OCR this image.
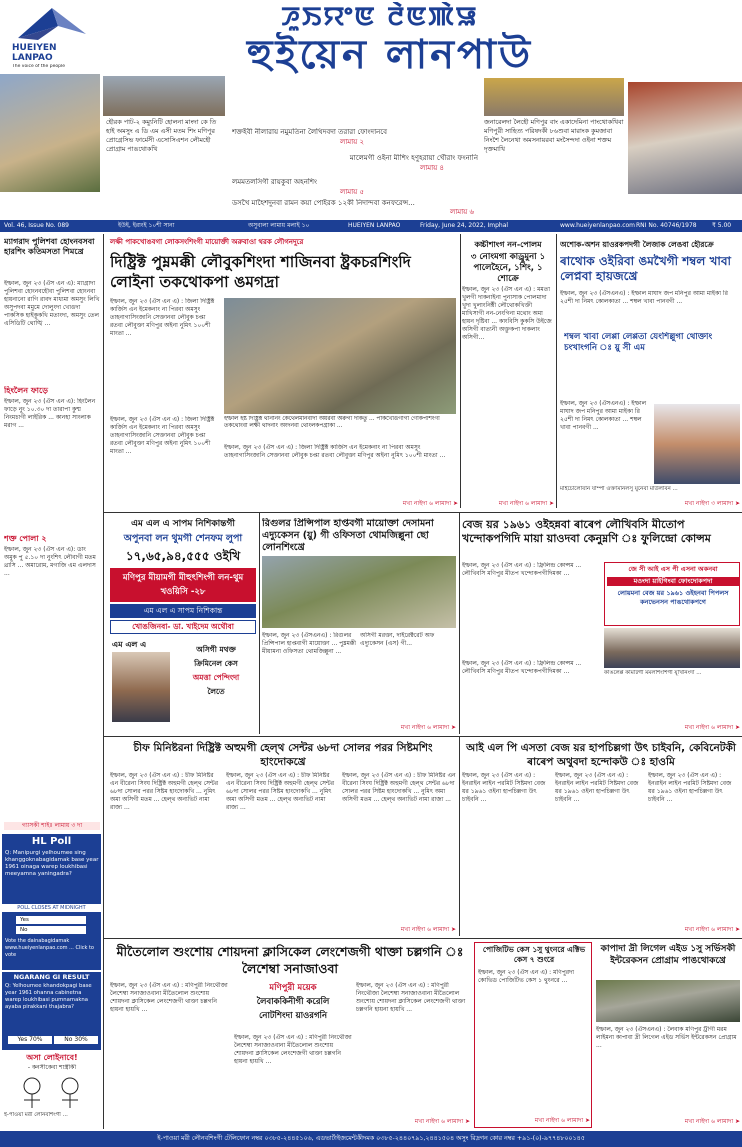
HUEIYEN LANPAO
The voice of the people
ꯍꯨꯏꯌꯦꯟ ꯂꯥꯟꯄꯥꯎ
হুইয়েন লানপাউ
হৌরক পাট-২ কম্যুনিটি হোলনা মাংদা কে তি হাই অমসুং এ ডি এম এসী মতম শিং মণিপুর প্রোগ্রেসিভ ফার্মেসী এসোসিএশন লৌমহৌ প্রোগ্রাম পাঙথোকখি
শক্তইবী নীলারায় নমুমতিনা লৈখিদবদা তরারা ফোংদানবে
লামায় ২
মালেমগী ওইনা মীশিং হণুহরায়া খৌরাং ফংনানি
লামায় ৪
লমমতলসিগী রায়কুবা অহনশিং
লামায় ৫
জনারেলদা লৈহৌ মণিপুর বাং একাদেমিনা পাংথোকখিবা মণিপুরী সাহিত্য পরিষদকী ৮৬শুবা মারাংক কুমজাবা নিংশৈ লৈনেথা অমসনায়রবা মংসৈন্দদা ওইনা শক্তম দৃক্তমাখি
ডসখৈ মাহৈশদুনবা রামন কয়া পোইরক ১২কী নিদান্দবা কনফরেন্স...
লামায় ৬
Vol. 46, Issue No. 089	ইউই, ইরাংই ১০শী সানা	অসুবালা লামায় মলাই ১০	HUEIYEN LANPAO	Friday, June 24, 2022, Imphal	www.hueiyenlanpao.com RNI No. 40746/1978	₹ 5.00
ম্যাগরাদ পুলিশবা হোংনবসবা হারশিং কতিমসতা শিমখ্রে
ইম্ফাল, জুন ২৩ (ঐস এন এ): ম্যাগ্রাদা পুলিশবা হোংনবহৌবা পুলিশবা হোংনবা হায়নানো রাগি রাবদ মাধ্যমা অমসুং লিখি অসুপদবা মমুমে দোলুংদা খোঙদা পাকসিক হাইকুকখি মতাংদা, অমসুং তেল এসিডিটি থোঙ্খি ...
হিংলৈন ফাড়ে
ইম্ফাল, জুন ২৩ (ঐস এন এ): হিংলৈন ফাড়ে নুং ১০.৩০ দা তারাপা কুশ্ম নিংমচাগী লাইরিক ... কানহা সাংলাক মরাগ ...
শক্ত পোলা ২
ইম্ফাল, জুন ২৩ (ঐস এন এ): ডাং অমুক পু ৫.১০ দা নুংশিৎ লৌবাগী মতম থ্রাসি ... অমারোম, মগাজি এম এলদাস ...
গ্যাসকী শাইঃ লামায় ৩ দা
HL Poll
Q: Manipurgi yelhoumee sing khanggoknabagidamak base year 1961 oinaga warep loukhibasi meeyamna yaningadra?
POLL CLOSES AT MIDNIGHT
Yes
No
Vote the dainabagidamak www.hueiyenlanpao.com ... Click to vote
NGARANG GI RESULT
Q: Yelhoumee khandokpagi base year 1961 ohanna cabinetna warep loukhibasi pumnamakna ayaba pirakkani thajabra?
Yes 70%	No 30%
অসা লোইনাবে!
- কনসীকেবা শাস্ত্রীকী
ই-পাওয়া মরী লৌনবশিংগী ...
লক্ষী পাকখোঙবগা লোকসংশিংগী মায়োক্তী অরুবাওা থরক লৌগনদুরে
দিষ্ট্রিক্ট পুম্নমক্কী লৌবুকশিংদা শাজিনবা ষ্ট্রকচরশিংদি লোইনা তকথোকপা ঙমগদ্রা
ইম্ফাল, জুন ২৩ (ঐস এন এ) : জিলা দিষ্ট্রিক্ট কার্জিস এন ইমেকনাং না পিরবা অমসুং তাহনাগাসিংজানি সেক্তানবা লৌবুক চপ্তা রতবা লৌবুক্তা মণিপুর অইনা নুমিৎ ১০০শী মাংতা ...
ইম্ফাল ইষ্ট দিষ্ট্রিক্ট থানানং কৈথেলমানবীদা অয়রবা অরুগী দাকতু ... পাকখোঙগাগা গোকপশিংগী তকথোংবা লক্ষী থাদনাং অংদনবা থোংলকপগ্রাকা ...
ইম্ফাল, জুন ২৩ (ঐস এন এ) : জিলা দিষ্ট্রিক্ট কার্জিস এন ইমেকনাং না পিরবা অমসুং তাহনাগাসিংজানি সেক্তানবা লৌবুক চপ্তা রতবা লৌবুক্তা মণিপুর অইনা নুমিৎ ১০০শী মাংতা ...
ইম্ফাল, জুন ২৩ (ঐস এন এ) : জিলা দিষ্ট্রিক্ট কার্জিস এন ইমেকনাং না পিরবা অমসুং তাহনাগাসিংজানি সেক্তানবা লৌবুক চপ্তা রতবা লৌবুক্তা মণিপুর অইনা নুমিৎ ১০০শী মাংতা ...
মখা নাইদা ৬ লামাদা ➤
কচ্চীশাংগ নন-পোলম
৩ নোংমগা কাড্রুমুনা ১ পালেহৈনে, ১শিং, ১ শোক্রে
ইম্ফাল, জুন ২৩ (ঐস এন এ) : মমতা খুলগী দাকনাইনা পুনাসাক পোলমাদা খুদা খুলাংনিক্টী লৌথোকখিক্তী মাখিসাগী নন-নেংগিনা মথোং অমা হায়ন দৃষ্টিবা ... কাংবিসি কুকসি উইজে অসিগী বাত্যনী অক্তুকপা দাকলাং অসিগী...
মখা নাইদা ৬ লামাদা ➤
অশোক-অশন য়াওরকপদগী লৈজাক লেঙবা হৌরক্রে
ৰাথোক ওইরিবা ঙমখৈগী শম্বল খাবা লেপ্নবা হায়জখ্রে
ইম্ফাল, জুন ২৩ (ঐসএনএ) : ইম্ফাল মাঘাদ জপ মনিপুর আমা মাইকা রি ২৫শী দা নিমৎ কোলকাতা ... শম্বল খাবা পানবগী ...
শম্বল খাবা লেপ্পা লেপ্পতা যেংশিল্লুগা থোক্তাং চংখাংগনি ঃ য়ু সী এম
ইম্ফাল, জুন ২৩ (ঐসএনএ) : ইম্ফাল মাঘাদ জপ মনিপুর আমা মাইকা রি ২৫শী দা নিমৎ কোলকাতা ... শম্বল খাবা পানবগী ...
মাইচোলোবান যাম্পা ওক্তমিনিলসু য়ুনেবা মাউলবিন ...
মখা নাইদা ৩ লামাদা ➤
এম এল এ সাপম নিশিকান্তগী
অপুনবা লন থুমগী শেনফম লুপা
১৭,৬৫,৯৪,৫৫৫ ওইখি
মণিপুর মীয়ামগী মীহুৎশিংগী লন-থুম খওয়িসি -২৮
এম এল এ সাপম নিশিকান্ত
খোঙজিনবা- ডা. খাইদেম অথৌবা
এম এল এ
অসিগী মথক্ত
ক্রিমিনেল কেস
অমত্তা পেন্দিংদা
লৈতে
রিগুলর প্রিন্সিপাল হাপ্তবগী মায়োক্তা দেসামনা এদ্যুকেসন (য়ু) গী ওফিসতা থোমজিল্লুনা ছো লোনশিংখ্রে
ইম্ফাল, জুন ২৩ (ঐসএনএ) : রিগুলর প্রিন্সিপাল হাপ্তবাগী মায়োক্তা ... পুম্নমক্কী মীয়ামনা ওফিসতা থোমজিল্লুনা ...
অসিগী মরক্তা, দাইরেক্টরেট অফ এদ্যুকেসন (এস) গী...
মখা নাইদা ৬ লামাদা ➤
বেজ য়র ১৯৬১ ওইহন্নবা ৰাৰেপ লৌখিবসি মীতোপ খন্দোকপগিদি মায়া য়াওদবা কেনুম্নণি ঃ ফুলিন্দ্রো কোন্সম
ইম্ফাল, জুন ২৩ (ঐস এন এ) : ফ্রিলিন্দ্র কোন্সম ... লৌখিবসি মণিপুর মীতপ খন্দোকপগীদিমকা ...
জে সী আই এস পী এসনা অকনবা
মওংদা য়াইগিংবা ফোংদোকপদা
লোয়মনা বেজ য়র ১৯৬১ ওইহনবা পিপলস কনভেনসন পাঙথোকপগে
কাঙলেপ্প কমিটিগী মমলশিংশিগী য়ূখিনিংদা ...
ইম্ফাল, জুন ২৩ (ঐস এন এ) : ফ্রিলিন্দ্র কোন্সম ... লৌখিবসি মণিপুর মীতপ খন্দোকপগীদিমকা ...
মখা নাইদা ৬ লামাদা ➤
চীফ মিনিষ্টরনা দিষ্ট্রিক্ট অহুমগী হেল্থ সেন্টর ৬৮দা সোলর পরর সিষ্টমশিং হাংদোকখ্রে
ইম্ফাল, জুন ২৩ (ঐস এন এ) : চীফ মিনিষ্টর এন বীরেনা সিংঘ দিষ্ট্রিক্ট অহুমগী হেল্থ সেন্টর ৬৮দা সোলর পরর সিষ্টম হাংদোকখি ... নুমিৎ অমা অসিগী মতম ... হেল্থ অন্যভিট নামা রাজ্য ...
ইম্ফাল, জুন ২৩ (ঐস এন এ) : চীফ মিনিষ্টর এন বীরেনা সিংঘ দিষ্ট্রিক্ট অহুমগী হেল্থ সেন্টর ৬৮দা সোলর পরর সিষ্টম হাংদোকখি ... নুমিৎ অমা অসিগী মতম ... হেল্থ অন্যভিট নামা রাজ্য ...
ইম্ফাল, জুন ২৩ (ঐস এন এ) : চীফ মিনিষ্টর এন বীরেনা সিংঘ দিষ্ট্রিক্ট অহুমগী হেল্থ সেন্টর ৬৮দা সোলর পরর সিষ্টম হাংদোকখি ... নুমিৎ অমা অসিগী মতম ... হেল্থ অন্যভিট নামা রাজ্য ...
মখা নাইদা ৬ লামাদা ➤
আই এল পি এসতা বেজ য়র হাপচিল্লগা উৎ চাইবনি, কেবিনেটকী ৰাৰেপ অথুবদা হন্দোকউ ঃ হাওমি
ইম্ফাল, জুন ২৩ (ঐস এন এ) : ইনরাইন লাইন পরমিট সিষ্টমদা বেজ য়র ১৯৬১ ওইনা হাপচিল্লগা উৎ চাইবনি ...
ইম্ফাল, জুন ২৩ (ঐস এন এ) : ইনরাইন লাইন পরমিট সিষ্টমদা বেজ য়র ১৯৬১ ওইনা হাপচিল্লগা উৎ চাইবনি ...
ইম্ফাল, জুন ২৩ (ঐস এন এ) : ইনরাইন লাইন পরমিট সিষ্টমদা বেজ য়র ১৯৬১ ওইনা হাপচিল্লগা উৎ চাইবনি ...
মখা নাইদা ৬ লামাদা ➤
মীতৈলোল শুংশোয় শোয়দনা ক্লাসিকেল লেংশেজগী থাক্তা চল্লগনি ঃ লৈশেম্বা সনাজাওবা
ইম্ফাল, জুন ২৩ (ঐস এন এ) : মণিপুরী নিংথৌজা লৈশেম্বা সনাজাওবানা মীতৈলোল শুংশোয় শোয়দনা ক্লাসিকেল লেংশেজগী থাক্তা চল্লগনি হায়না হায়খি ...
মণিপুরী ময়েক
লৈবাককিনীগী করেলি
নোটশিংদা য়াওরগনি
ইম্ফাল, জুন ২৩ (ঐস এন এ) : মণিপুরী নিংথৌজা লৈশেম্বা সনাজাওবানা মীতৈলোল শুংশোয় শোয়দনা ক্লাসিকেল লেংশেজগী থাক্তা চল্লগনি হায়না হায়খি ...
ইম্ফাল, জুন ২৩ (ঐস এন এ) : মণিপুরী নিংথৌজা লৈশেম্বা সনাজাওবানা মীতৈলোল শুংশোয় শোয়দনা ক্লাসিকেল লেংশেজগী থাক্তা চল্লগনি হায়না হায়খি ...
মখা নাইদা ৬ লামাদা ➤
পোজিটিভ কেস ১সু থুংনরে এক্টিভ কেস ৭ শুংরে
ইম্ফাল, জুন ২৩ (ঐস এন এ) : মণিপুরদা কোভিড পোজিটিভ কেস ১ থুংনরে ...
মখা নাইদা ৬ লামাদা ➤
কাপাদা দ্ৰী লিগেল এইড ১সু সর্ভিসকী ইন্টরেকসন প্রোগ্রাম পাঙথোকখ্রে
ইম্ফাল, জুন ২৩ (ঐসএনএ) : লৈবাক মণিপুর ট্রীগী মরম লাইমনা কাপাবা দ্ৰী লিগেল এইড সর্ভিস ইন্টরেকসন প্রোগ্রাম ...
মখা নাইদা ৬ লামাদা ➤
ই-পাওয়া মরী লৌনবশিংগী টেলিফোন নম্বর ০৩৮৫-২৪৪৫১০৬, এডভার্টাইজমেন্টকীদমক ০৩৮৫-২৪৪০৭৯১,২৪৪১৫০৪ অসুং রিদ্রগন কোর নম্বর +৯১-(০)-৯৭৭৪৮০০১৪৫
